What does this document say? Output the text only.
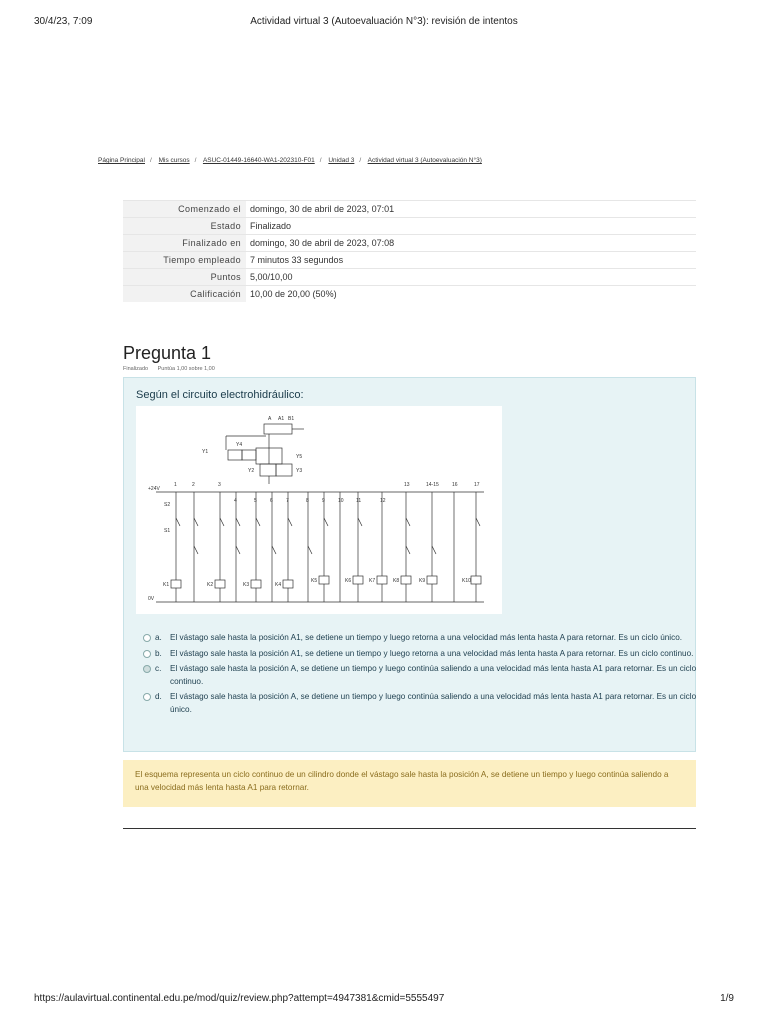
30/4/23, 7:09	Actividad virtual 3 (Autoevaluación N°3): revisión de intentos
Página Principal / Mis cursos / ASUC-01449-16640-WA1-202310-F01 / Unidad 3 / Actividad virtual 3 (Autoevaluación N°3)
Comenzado el	domingo, 30 de abril de 2023, 07:01
Estado	Finalizado
Finalizado en	domingo, 30 de abril de 2023, 07:08
Tiempo empleado	7 minutos 33 segundos
Puntos	5,00/10,00
Calificación	10,00 de 20,00 (50%)
Pregunta 1
Finalizado Puntúa 1,00 sobre 1,00
Según el circuito electrohidráulico:
+24V
0V
1	2	3
4	5	6	7	8	9	10 11	12
13	14-15	16	17
K1	K2	K3	K4
K5	K6	K7	K8	K9	K10
Y1
Y2	Y3
Y4
Y5
A1
A	B1
S1
S2
a. El vástago sale hasta la posición A1, se detiene un tiempo y luego retorna a una velocidad más lenta hasta A para retornar. Es un ciclo único.
b. El vástago sale hasta la posición A1, se detiene un tiempo y luego retorna a una velocidad más lenta hasta A para retornar. Es un ciclo continuo.
c. El vástago sale hasta la posición A, se detiene un tiempo y luego continúa saliendo a una velocidad más lenta hasta A1 para retornar. Es un ciclo continuo.
d. El vástago sale hasta la posición A, se detiene un tiempo y luego continúa saliendo a una velocidad más lenta hasta A1 para retornar. Es un ciclo único.
El esquema representa un ciclo continuo de un cilindro donde el vástago sale hasta la posición A, se detiene un tiempo y luego continúa saliendo a una velocidad más lenta hasta A1 para retornar.
https://aulavirtual.continental.edu.pe/mod/quiz/review.php?attempt=4947381&cmid=5555497	1/9
